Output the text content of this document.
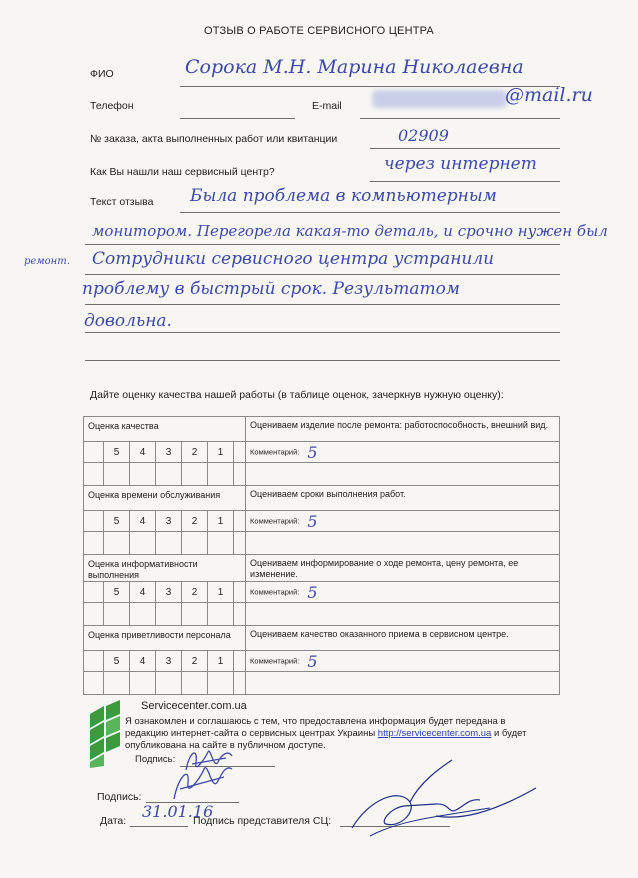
ОТЗЫВ О РАБОТЕ СЕРВИСНОГО ЦЕНТРА
ФИО	Сорока М.Н. Марина Николаевна
Телефон	E-mail	@mail.ru
№ заказа, акта выполненных работ или квитанции	02909
Как Вы нашли наш сервисный центр?	через интернет
Текст отзыва Была проблема в компьютерным
монитором. Перегорела какая-то деталь, и срочно нужен был
ремонт. Сотрудники сервисного центра устранили
проблему в быстрый срок. Результатом
довольна.
Дайте оценку качества нашей работы (в таблице оценок, зачеркнув нужную оценку):
Оценка качества							Оцениваем изделие после ремонта: работоспособность, внешний вид.
	5	4	3	2	1		Комментарий: 5

Оценка времени обслуживания							Оцениваем сроки выполнения работ.
	5	4	3	2	1		Комментарий: 5

Оценка информативности выполнения							Оцениваем информирование о ходе ремонта, цену ремонта, ее изменение.
	5	4	3	2	1		Комментарий: 5

Оценка приветливости персонала							Оцениваем качество оказанного приема в сервисном центре.
	5	4	3	2	1		Комментарий: 5

Servicecenter.com.ua
Я ознакомлен и соглашаюсь с тем, что предоставлена информация будет передана в редакцию интернет-сайта о сервисных центрах Украины http://servicecenter.com.ua и будет опубликована на сайте в публичном доступе.
Подпись:
Подпись:
Дата: 31.01.16
Подпись представителя СЦ:
